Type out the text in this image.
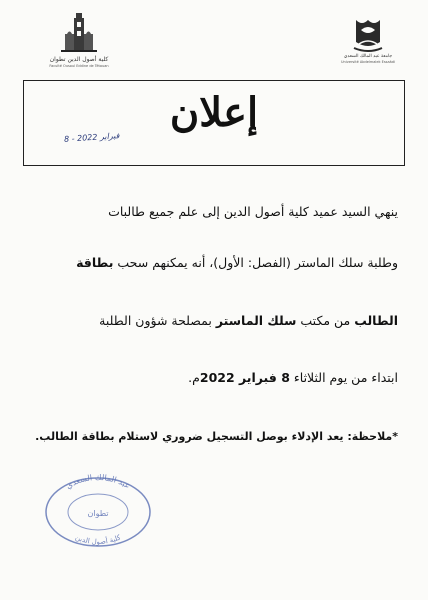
كلية أصول الدين تطوان
Faculté Ousoul Eddine de Tétouan
جامعة عبد المالك السعدي
Université Abdelmalek Essaâdi
إعلان
8 - فبراير 2022
ينهي السيد عميد كلية أصول الدين إلى علم جميع طالبات
وطلبة سلك الماستر (الفصل: الأول)، أنه يمكنهم سحب بطاقة
الطالب من مكتب سلك الماستر بمصلحة شؤون الطلبة
ابتداء من يوم الثلاثاء 8 فبراير 2022م.
*ملاحظة: يعد الإدلاء بوصل التسجيل ضروري لاستلام بطاقة الطالب.
عبد المالك السعدي
تطوان
كلية أصول الدين
